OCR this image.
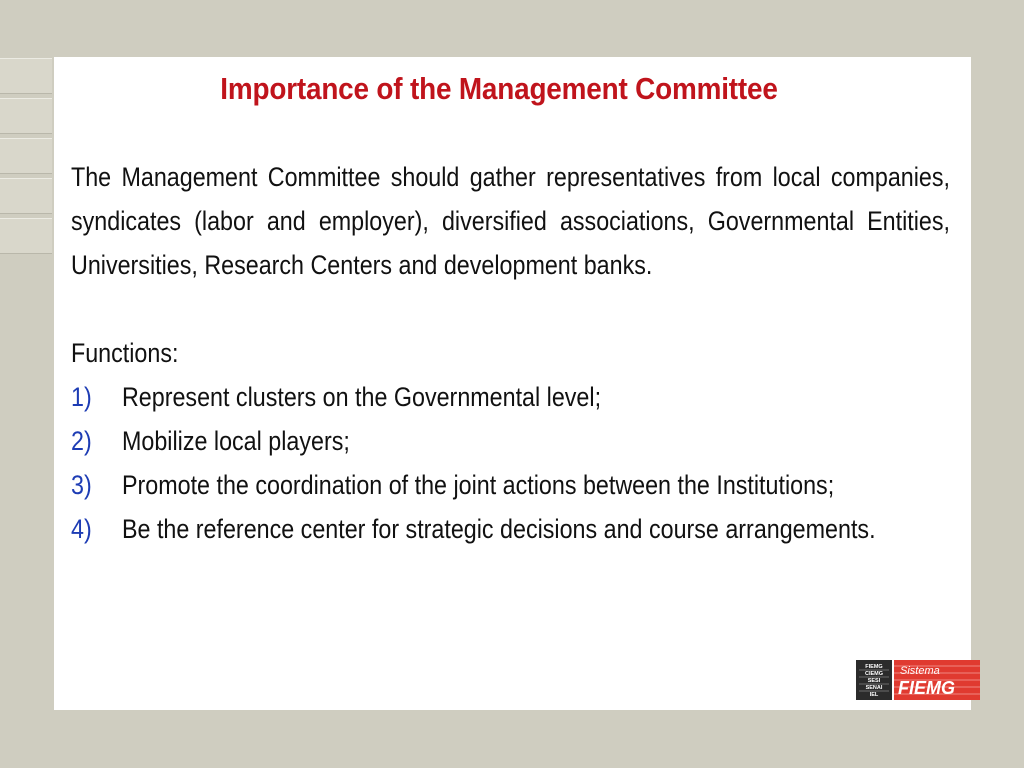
Importance of the Management Committee

The Management Committee should gather representatives from local companies, syndicates (labor and employer), diversified associations, Governmental Entities, Universities, Research Centers and development banks.

Functions:
1)	Represent clusters on the Governmental level;
2)	Mobilize local players;
3)	Promote the coordination of the joint actions between the Institutions;
4)	Be the reference center for strategic decisions and course arrangements.
FIEMG
CIEMG
SESI
SENAI
IEL
Sistema
FIEMG
